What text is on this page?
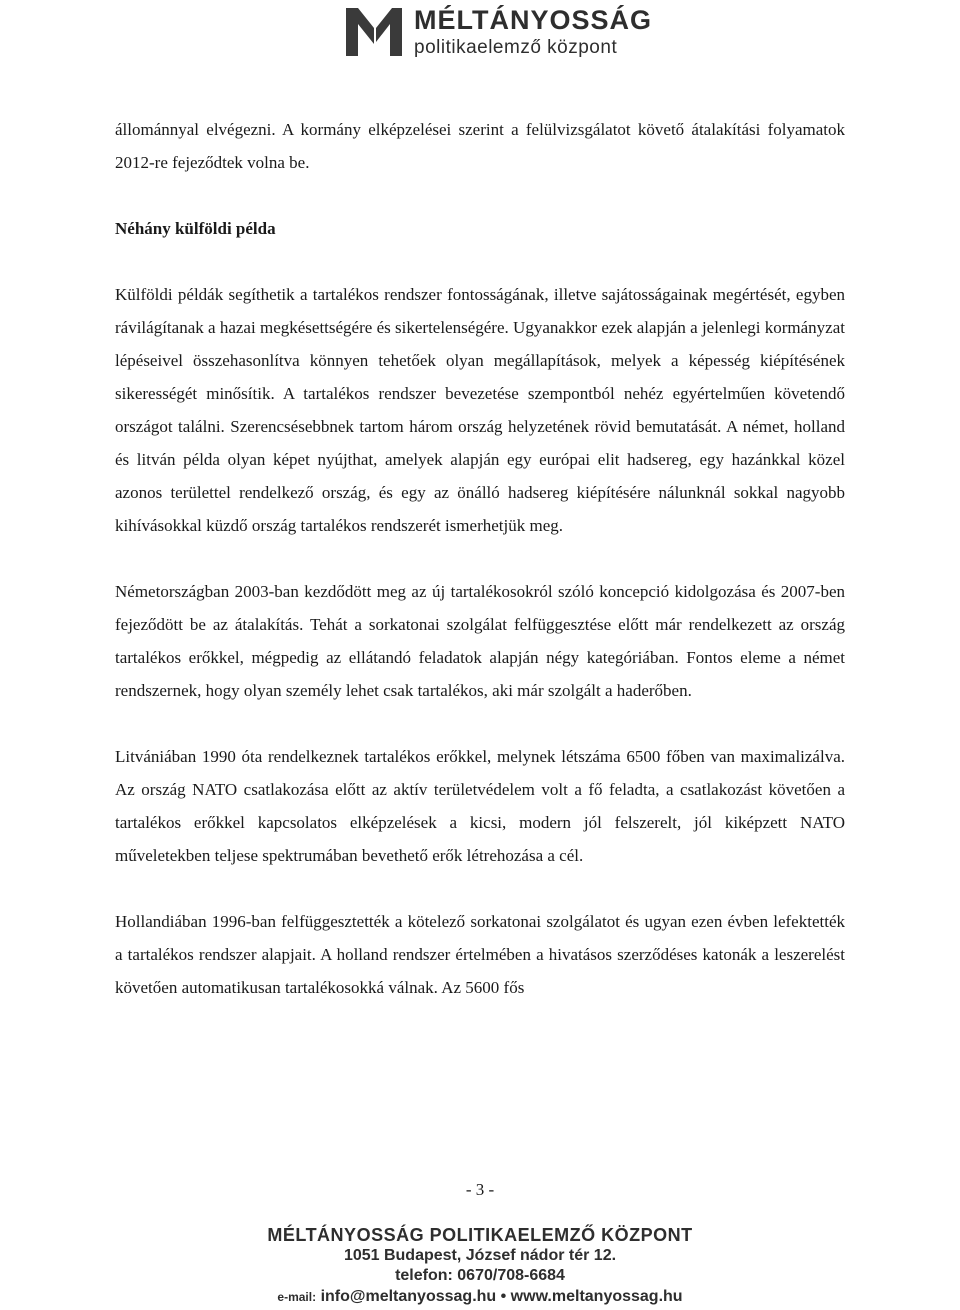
MÉLTÁNYOSSÁG
politikaelemző központ

állománnyal elvégezni. A kormány elképzelései szerint a felülvizsgálatot követő átalakítási folyamatok 2012-re fejeződtek volna be.

Néhány külföldi példa

Külföldi példák segíthetik a tartalékos rendszer fontosságának, illetve sajátosságainak megértését, egyben rávilágítanak a hazai megkésettségére és sikertelenségére. Ugyanakkor ezek alapján a jelenlegi kormányzat lépéseivel összehasonlítva könnyen tehetőek olyan megállapítások, melyek a képesség kiépítésének sikerességét minősítik. A tartalékos rendszer bevezetése szempontból nehéz egyértelműen követendő országot találni. Szerencsésebbnek tartom három ország helyzetének rövid bemutatását. A német, holland és litván példa olyan képet nyújthat, amelyek alapján egy európai elit hadsereg, egy hazánkkal közel azonos területtel rendelkező ország, és egy az önálló hadsereg kiépítésére nálunknál sokkal nagyobb kihívásokkal küzdő ország tartalékos rendszerét ismerhetjük meg.

Németországban 2003-ban kezdődött meg az új tartalékosokról szóló koncepció kidolgozása és 2007-ben fejeződött be az átalakítás. Tehát a sorkatonai szolgálat felfüggesztése előtt már rendelkezett az ország tartalékos erőkkel, mégpedig az ellátandó feladatok alapján négy kategóriában. Fontos eleme a német rendszernek, hogy olyan személy lehet csak tartalékos, aki már szolgált a haderőben.

Litvániában 1990 óta rendelkeznek tartalékos erőkkel, melynek létszáma 6500 főben van maximalizálva. Az ország NATO csatlakozása előtt az aktív területvédelem volt a fő feladta, a csatlakozást követően a tartalékos erőkkel kapcsolatos elképzelések a kicsi, modern jól felszerelt, jól kiképzett NATO műveletekben teljese spektrumában bevethető erők létrehozása a cél.

Hollandiában 1996-ban felfüggesztették a kötelező sorkatonai szolgálatot és ugyan ezen évben lefektették a tartalékos rendszer alapjait. A holland rendszer értelmében a hivatásos szerződéses katonák a leszerelést követően automatikusan tartalékosokká válnak. Az 5600 fős

- 3 -
MÉLTÁNYOSSÁG POLITIKAELEMZŐ KÖZPONT
1051 Budapest, József nádor tér 12.
telefon: 0670/708-6684
e-mail: info@meltanyossag.hu • www.meltanyossag.hu
